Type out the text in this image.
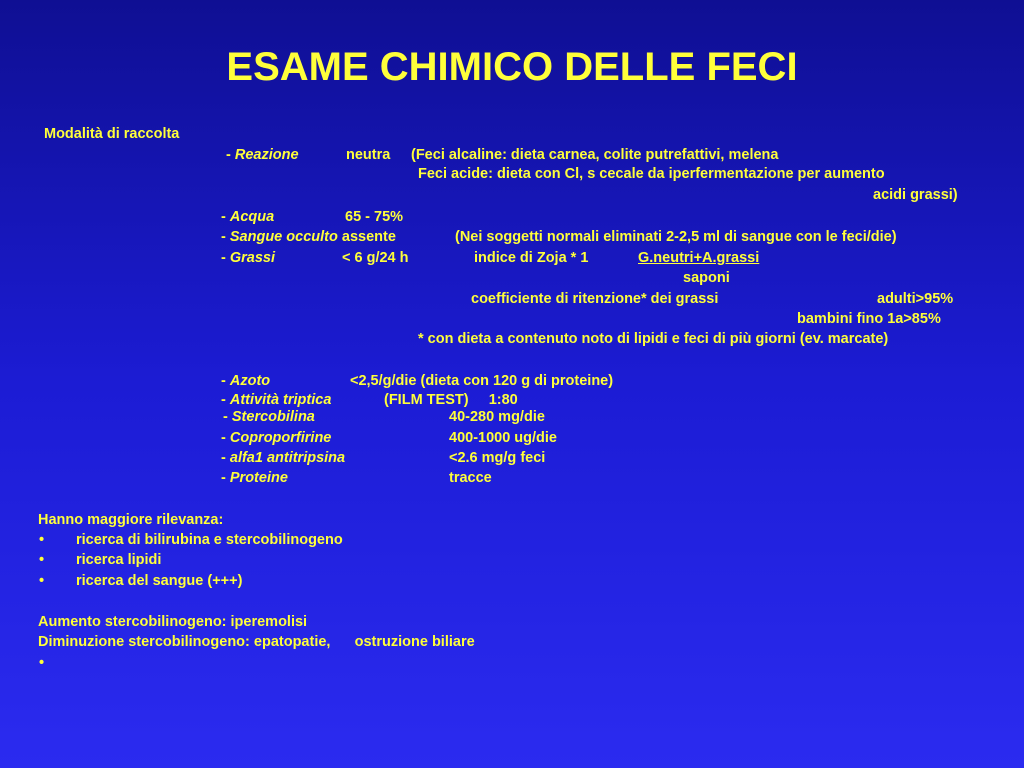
ESAME CHIMICO DELLE FECI
Modalità di raccolta
- Reazione	neutra (Feci alcaline: dieta carnea, colite putrefattivi, melena
Feci acide: dieta con Cl, s cecale da iperfermentazione per aumento
acidi grassi)
- Acqua	65 - 75%
- Sangue occulto assente	(Nei soggetti normali eliminati 2-2,5 ml di sangue con le feci/die)
- Grassi	< 6 g/24 h	indice di Zoja * 1	G.neutri+A.grassi
saponi
coefficiente di ritenzione* dei grassi	adulti>95%
bambini fino 1a>85%
* con dieta a contenuto noto di lipidi e feci di più giorni (ev. marcate)
- Azoto	<2,5/g/die (dieta con 120 g di proteine)
- Attività triptica	(FILM TEST)     1:80
- Stercobilina	40-280 mg/die
- Coproporfirine	400-1000 ug/die
- alfa1 antitripsina	<2.6 mg/g feci
- Proteine	tracce
Hanno maggiore rilevanza:
• ricerca di bilirubina e stercobilinogeno
• ricerca lipidi
• ricerca del sangue (+++)
Aumento stercobilinogeno: iperemolisi
Diminuzione stercobilinogeno: epatopatie,      ostruzione biliare
•
